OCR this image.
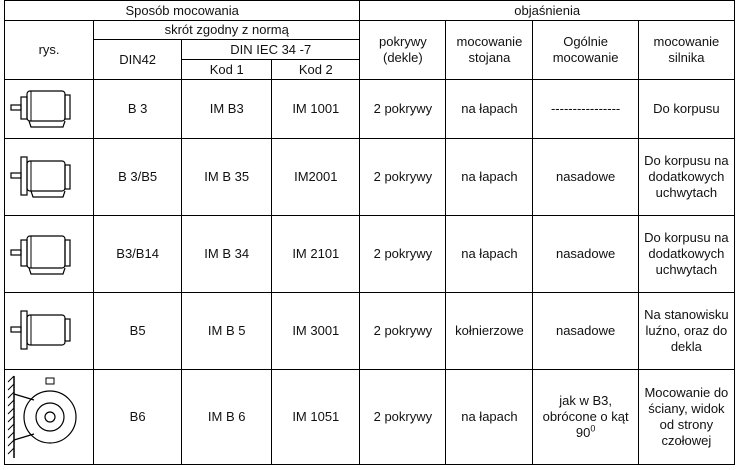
Sposób mocowania				objaśnienia			
rys.	skrót zgodny z normą			pokrywy (dekle)	mocowanie stojana	Ogólnie mocowanie	mocowanie silnika
	DIN42	DIN IEC 34 -7					
		Kod 1	Kod 2				

	B 3	IM B3	IM 1001	2 pokrywy	na łapach	----------------	Do korpusu

	B 3/B5	IM B 35	IM2001	2 pokrywy	na łapach	nasadowe	Do korpusu na dodatkowych uchwytach

	B3/B14	IM B 34	IM 2101	2 pokrywy	na łapach	nasadowe	Do korpusu na dodatkowych uchwytach

	B5	IM B 5	IM 3001	2 pokrywy	kołnierzowe	nasadowe	Na stanowisku luźno, oraz do dekla

	B6	IM B 6	IM 1051	2 pokrywy	na łapach	jak w B3, obrócone o kąt $90^0$	Mocowanie do ściany, widok od strony czołowej
